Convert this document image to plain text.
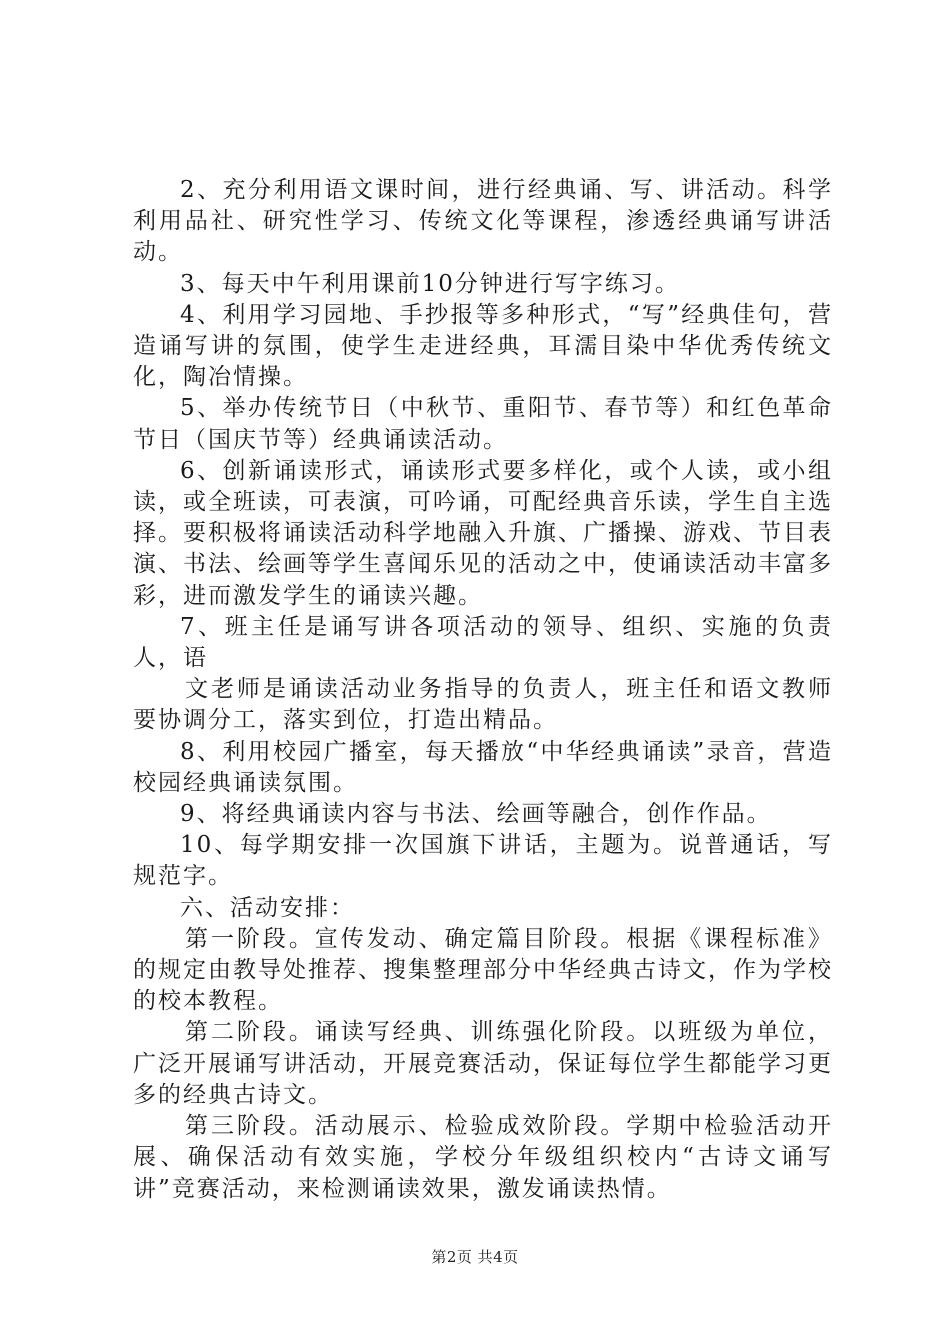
2、充分利用语文课时间，进行经典诵、写、讲活动。科学利用品社、研究性学习、传统文化等课程，渗透经典诵写讲活动。

3、每天中午利用课前10分钟进行写字练习。

4、利用学习园地、手抄报等多种形式，“写”经典佳句，营造诵写讲的氛围，使学生走进经典，耳濡目染中华优秀传统文化，陶冶情操。

5、举办传统节日（中秋节、重阳节、春节等）和红色革命节日（国庆节等）经典诵读活动。

6、创新诵读形式，诵读形式要多样化，或个人读，或小组读，或全班读，可表演，可吟诵，可配经典音乐读，学生自主选择。要积极将诵读活动科学地融入升旗、广播操、游戏、节目表演、书法、绘画等学生喜闻乐见的活动之中，使诵读活动丰富多彩，进而激发学生的诵读兴趣。

7、班主任是诵写讲各项活动的领导、组织、实施的负责人，语

文老师是诵读活动业务指导的负责人，班主任和语文教师要协调分工，落实到位，打造出精品。

8、利用校园广播室，每天播放“中华经典诵读”录音，营造校园经典诵读氛围。

9、将经典诵读内容与书法、绘画等融合，创作作品。

10、每学期安排一次国旗下讲话，主题为。说普通话，写规范字。

六、活动安排：

第一阶段。宣传发动、确定篇目阶段。根据《课程标准》的规定由教导处推荐、搜集整理部分中华经典古诗文，作为学校的校本教程。

第二阶段。诵读写经典、训练强化阶段。以班级为单位，广泛开展诵写讲活动，开展竞赛活动，保证每位学生都能学习更多的经典古诗文。

第三阶段。活动展示、检验成效阶段。学期中检验活动开展、确保活动有效实施，学校分年级组织校内“古诗文诵写讲”竞赛活动，来检测诵读效果，激发诵读热情。

第2页 共4页
